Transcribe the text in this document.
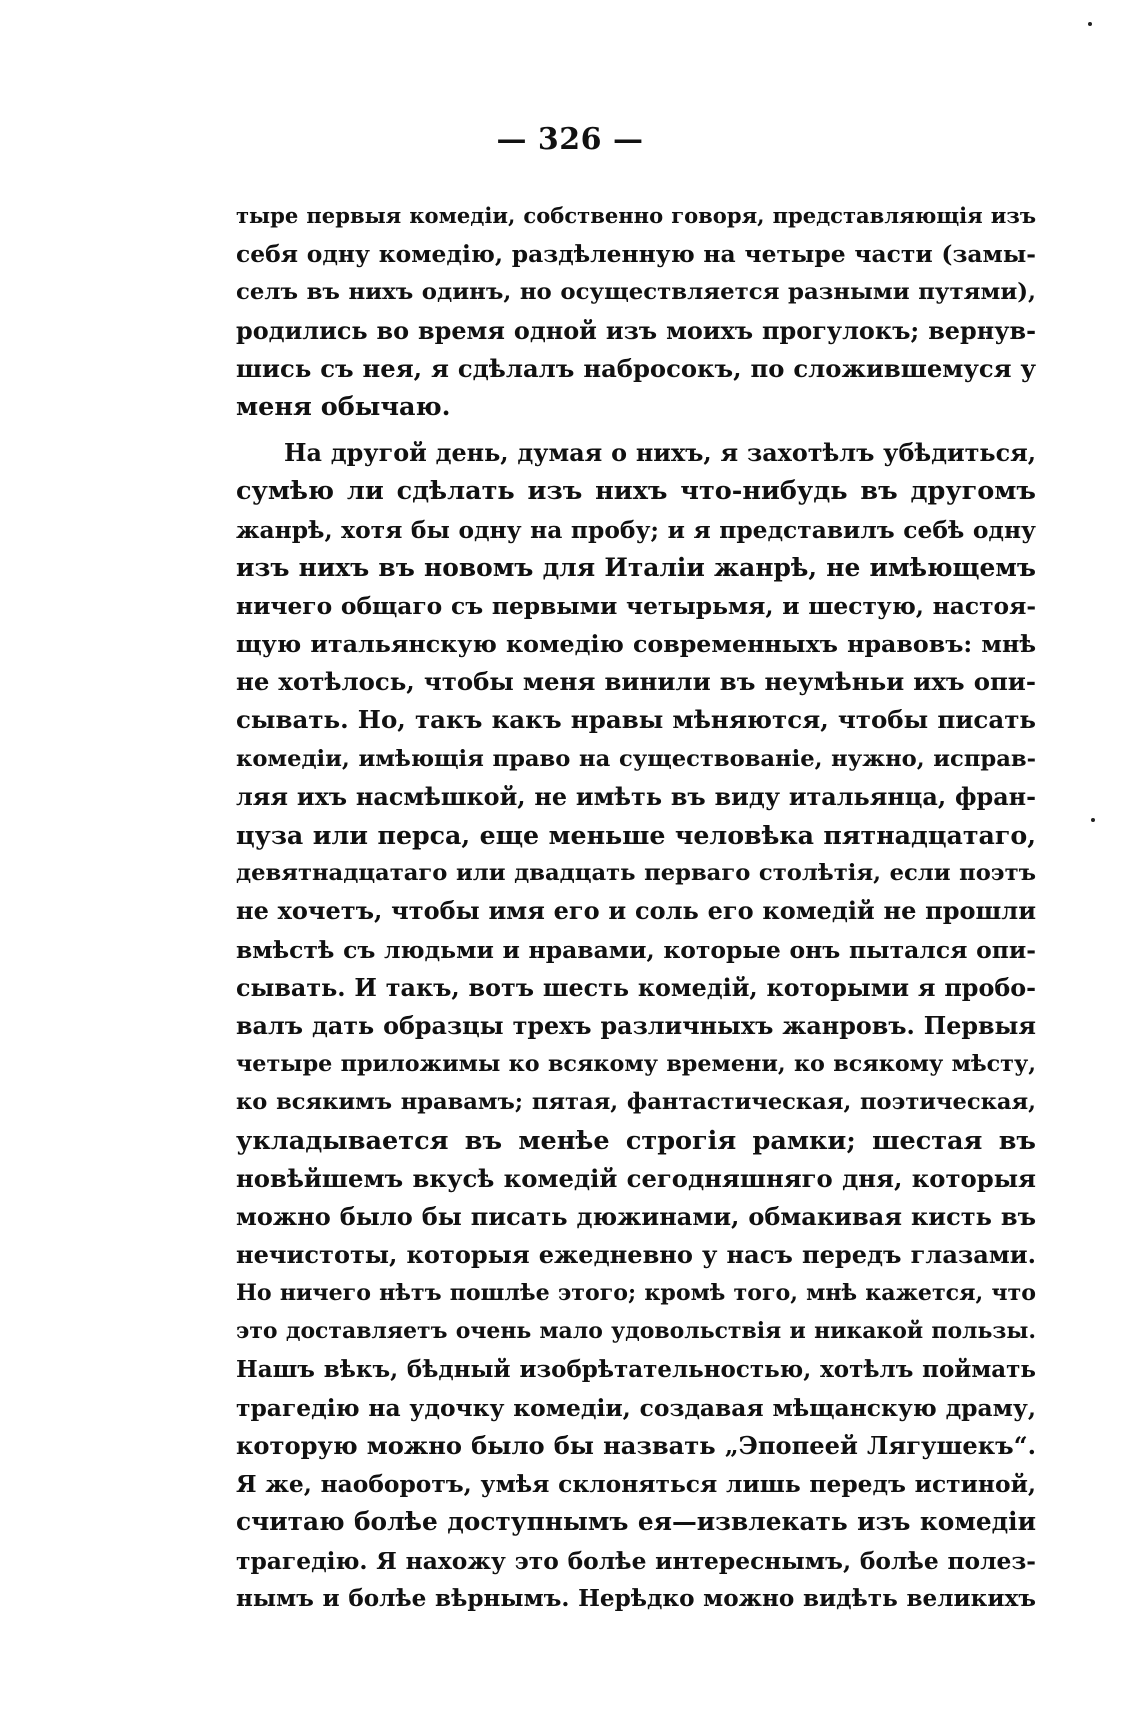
— 326 —
тыре первыя комедіи, собственно говоря, представляющія изъ
себя одну комедію, раздѣленную на четыре части (замы-
селъ въ нихъ одинъ, но осуществляется разными путями),
родились во время одной изъ моихъ прогулокъ; вернув-
шись съ нея, я сдѣлалъ набросокъ, по сложившемуся у
меня обычаю.
На другой день, думая о нихъ, я захотѣлъ убѣдиться,
сумѣю ли сдѣлать изъ нихъ что-нибудь въ другомъ
жанрѣ, хотя бы одну на пробу; и я представилъ себѣ одну
изъ нихъ въ новомъ для Италіи жанрѣ, не имѣющемъ
ничего общаго съ первыми четырьмя, и шестую, настоя-
щую итальянскую комедію современныхъ нравовъ: мнѣ
не хотѣлось, чтобы меня винили въ неумѣньи ихъ опи-
сывать. Но, такъ какъ нравы мѣняются, чтобы писать
комедіи, имѣющія право на существованіе, нужно, исправ-
ляя ихъ насмѣшкой, не имѣть въ виду итальянца, фран-
цуза или перса, еще меньше человѣка пятнадцатаго,
девятнадцатаго или двадцать перваго столѣтія, если поэтъ
не хочетъ, чтобы имя его и соль его комедій не прошли
вмѣстѣ съ людьми и нравами, которые онъ пытался опи-
сывать. И такъ, вотъ шесть комедій, которыми я пробо-
валъ дать образцы трехъ различныхъ жанровъ. Первыя
четыре приложимы ко всякому времени, ко всякому мѣсту,
ко всякимъ нравамъ; пятая, фантастическая, поэтическая,
укладывается въ менѣе строгія рамки; шестая въ
новѣйшемъ вкусѣ комедій сегодняшняго дня, которыя
можно было бы писать дюжинами, обмакивая кисть въ
нечистоты, которыя ежедневно у насъ передъ глазами.
Но ничего нѣтъ пошлѣе этого; кромѣ того, мнѣ кажется, что
это доставляетъ очень мало удовольствія и никакой пользы.
Нашъ вѣкъ, бѣдный изобрѣтательностью, хотѣлъ поймать
трагедію на удочку комедіи, создавая мѣщанскую драму,
которую можно было бы назвать „Эпопеей Лягушекъ“.
Я же, наоборотъ, умѣя склоняться лишь передъ истиной,
считаю болѣе доступнымъ ея—извлекать изъ комедіи
трагедію. Я нахожу это болѣе интереснымъ, болѣе полез-
нымъ и болѣе вѣрнымъ. Нерѣдко можно видѣть великихъ
